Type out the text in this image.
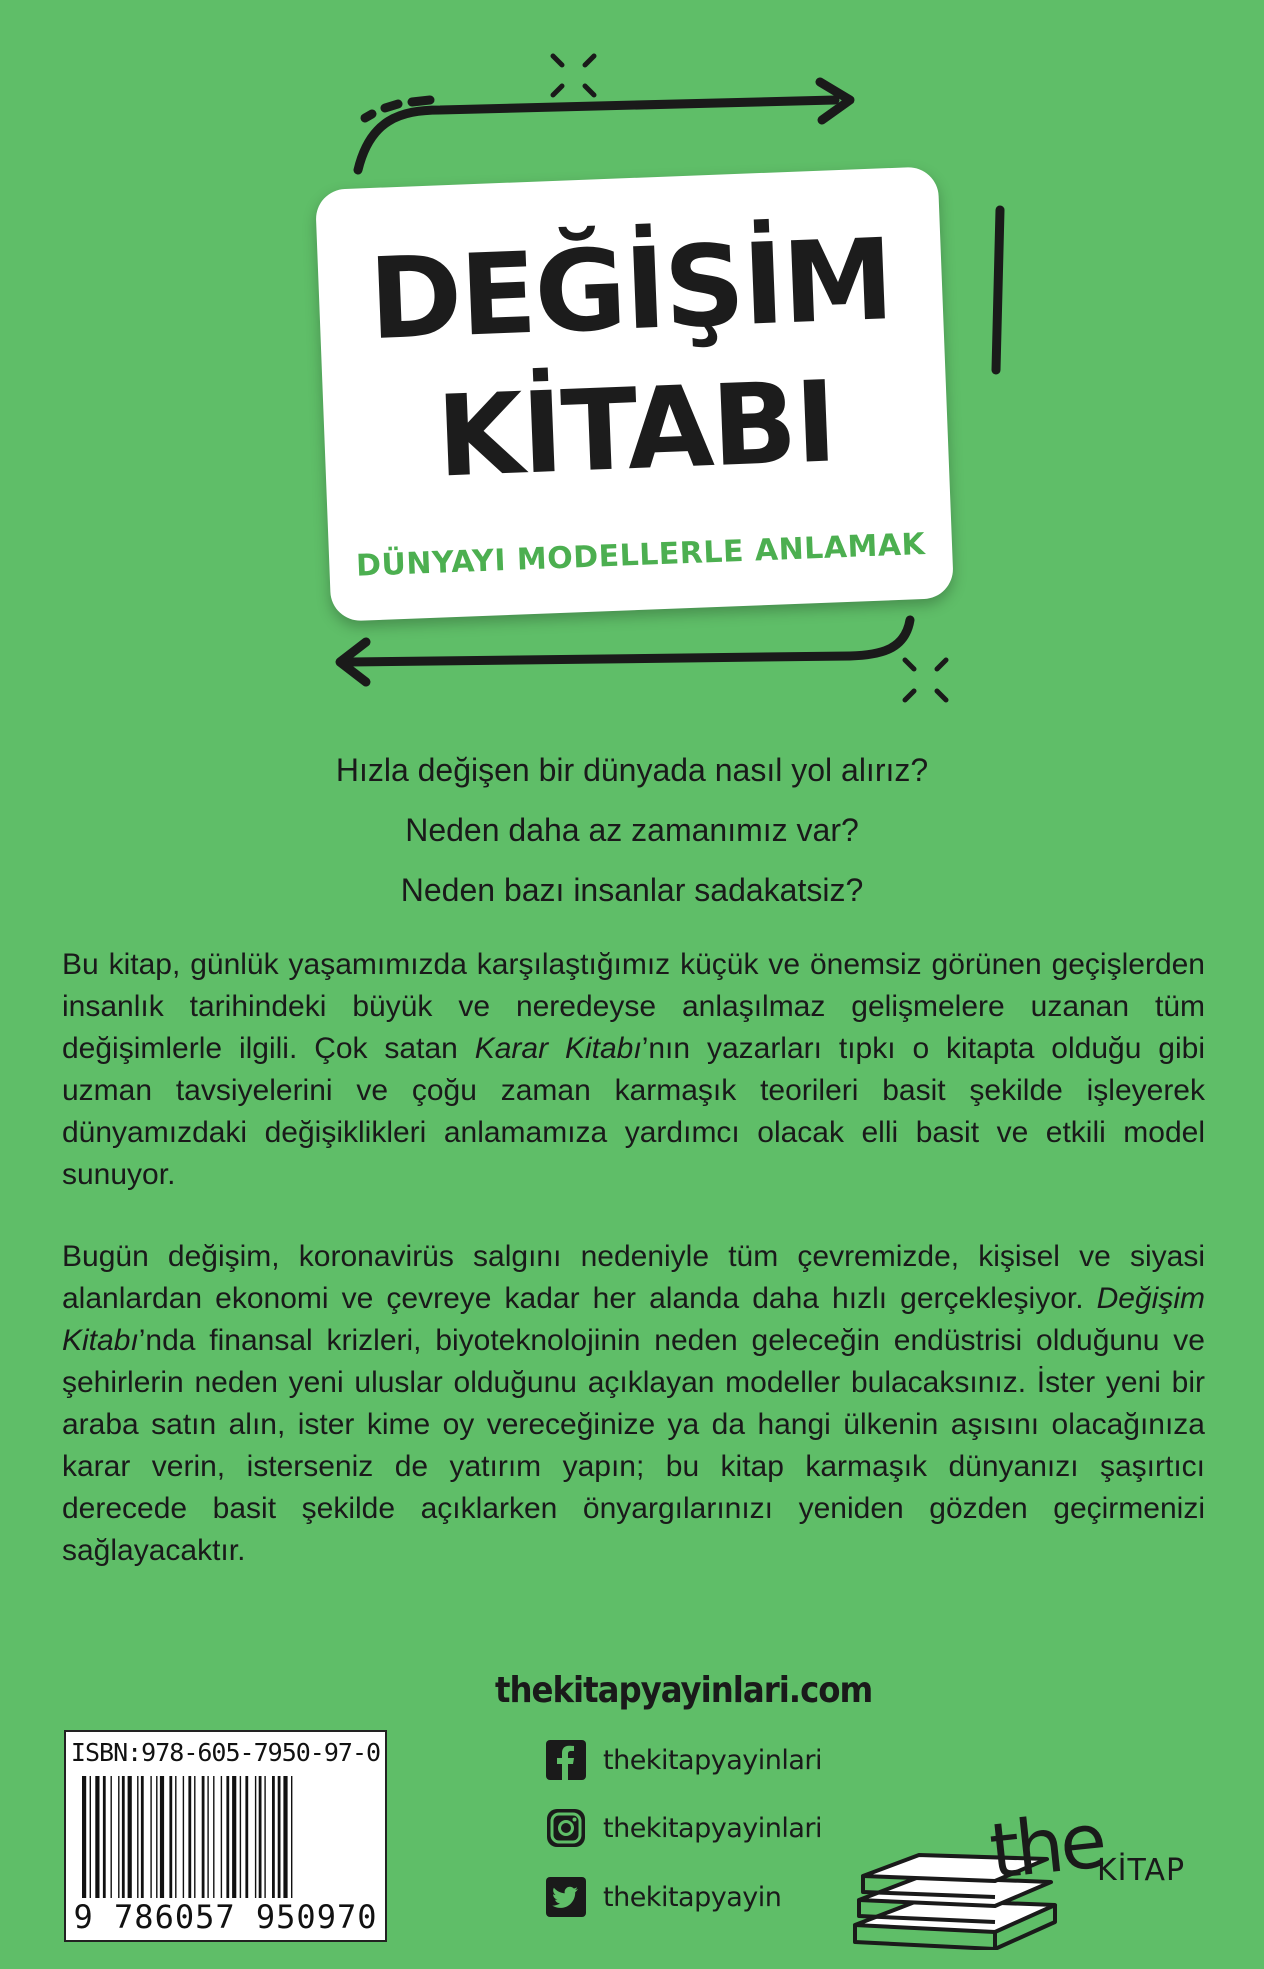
DEĞİŞİM
KİTABI
DÜNYAYI MODELLERLE ANLAMAK
Hızla değişen bir dünyada nasıl yol alırız?
Neden daha az zamanımız var?
Neden bazı insanlar sadakatsiz?
Bu kitap, günlük yaşamımızda karşılaştığımız küçük ve önemsiz görünen geçişlerden insanlık tarihindeki büyük ve neredeyse anlaşılmaz gelişmelere uzanan tüm değişimlerle ilgili. Çok satan Karar Kitabı’nın yazarları tıpkı o kitapta olduğu gibi uzman tavsiyelerini ve çoğu zaman karmaşık teorileri basit şekilde işleyerek dünyamızdaki değişiklikleri anlamamıza yardımcı olacak elli basit ve etkili model sunuyor.
Bugün değişim, koronavirüs salgını nedeniyle tüm çevremizde, kişisel ve siyasi alanlardan ekonomi ve çevreye kadar her alanda daha hızlı gerçekleşiyor. Değişim Kitabı’nda finansal krizleri, biyoteknolojinin neden geleceğin endüstrisi olduğunu ve şehirlerin neden yeni uluslar olduğunu açıklayan modeller bulacaksınız. İster yeni bir araba satın alın, ister kime oy vereceğinize ya da hangi ülkenin aşısını olacağınıza karar verin, isterseniz de yatırım yapın; bu kitap karmaşık dünyanızı şaşırtıcı derecede basit şekilde açıklarken önyargılarınızı yeniden gözden geçirmenizi sağlayacaktır.
thekitapyayinlari.com
thekitapyayinlari
thekitapyayinlari
thekitapyayin
ISBN:978-605-7950-97-0
9 786057 950970
the
KİTAP
